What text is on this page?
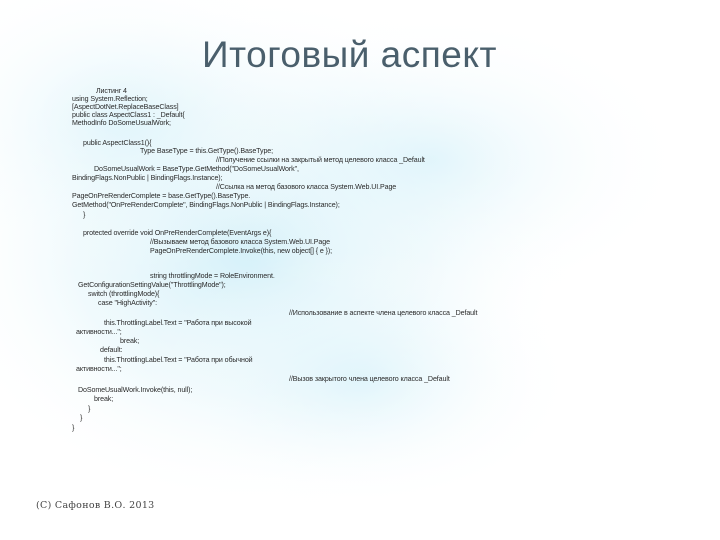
Итоговый аспект
Листинг 4
using System.Reflection;
[AspectDotNet.ReplaceBaseClass]
public class AspectClass1 : _Default{
MethodInfo DoSomeUsualWork;
public AspectClass1(){
Type BaseType = this.GetType().BaseType;
//Получение ссылки на закрытый метод целевого класса _Default
DoSomeUsualWork = BaseType.GetMethod("DoSomeUsualWork",
BindingFlags.NonPublic | BindingFlags.Instance);
//Ссылка на метод базового класса System.Web.UI.Page
PageOnPreRenderComplete = base.GetType().BaseType.
GetMethod("OnPreRenderComplete", BindingFlags.NonPublic | BindingFlags.Instance);
}
protected override void OnPreRenderComplete(EventArgs e){
//Вызываем метод базового класса System.Web.UI.Page
PageOnPreRenderComplete.Invoke(this, new object[] { e });
string throttlingMode = RoleEnvironment.
GetConfigurationSettingValue("ThrottlingMode");
switch (throttlingMode){
case "HighActivity":
//Использование в аспекте члена целевого класса _Default
this.ThrottlingLabel.Text = "Работа при высокой
активности...";
break;
default:
this.ThrottlingLabel.Text = "Работа при обычной
активности...";
//Вызов закрытого члена целевого класса _Default
DoSomeUsualWork.Invoke(this, null);
break;
}
}
}
(С) Сафонов В.О. 2013
